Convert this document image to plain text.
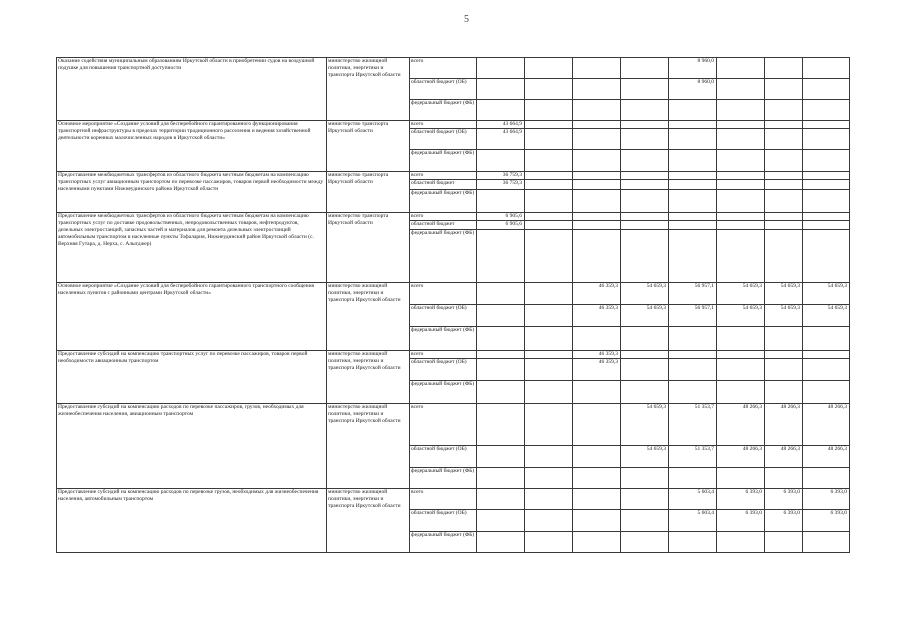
5
Оказание содействия муниципальным образованиям Иркутской области в приобретении судов на воздушной подушке для повышения транспортной доступности	министерство жилищной политики, энергетики и транспорта Иркутской области	всего					8 960,0			
		областной бюджет (ОБ)					8 960,0			
		федеральный бюджет (ФБ)								
Основное мероприятие «Создание условий для бесперебойного гарантированного функционирования транспортной инфраструктуры в пределах территории традиционного расселения и ведения хозяйственной деятельности коренных малочисленных народов в Иркутской области»	министерство транспорта Иркутской области	всего	43 664,9							
		областной бюджет (ОБ)	43 664,9							
		федеральный бюджет (ФБ)								
Предоставление межбюджетных трансфертов из областного бюджета местным бюджетам на компенсацию транспортных услуг авиационным транспортом по перевозке пассажиров, товаров первой необходимости между населенными пунктами Нижнеудинского района Иркутской области	министерство транспорта Иркутской области	всего	36 759,3							
		областной бюджет	36 759,3							
		федеральный бюджет (ФБ)								
Предоставление межбюджетных трансфертов из областного бюджета местным бюджетам на компенсацию транспортных услуг по доставке продовольственных, непродовольственных товаров, нефтепродуктов, дизельных электростанций, запасных частей и материалов для ремонта дизельных электростанций автомобильным транспортом в населенные пункты Тофалария, Нижнеудинский район Иркутской области (с. Верхняя Гутара, д. Нерха, с. Алыгджер)	министерство транспорта Иркутской области	всего	6 905,6							
		областной бюджет	6 905,6							
		федеральный бюджет (ФБ)								
Основное мероприятие «Создание условий для бесперебойного гарантированного транспортного сообщения населенных пунктов с районными центрами Иркутской области»	министерство жилищной политики, энергетики и транспорта Иркутской области	всего			46 359,3	54 659,3	56 957,1	54 659,3	54 659,3	54 659,3
		областной бюджет (ОБ)			46 359,3	54 659,3	56 957,1	54 659,3	54 659,3	54 659,3
		федеральный бюджет (ФБ)								
Предоставление субсидий на компенсацию транспортных услуг по перевозке пассажиров, товаров первой необходимости авиационным транспортом	министерство жилищной политики, энергетики и транспорта Иркутской области	всего			46 359,3					
		областной бюджет (ОБ)			46 359,3					
		федеральный бюджет (ФБ)								
Предоставление субсидий на компенсацию расходов по перевозке пассажиров, грузов, необходимых для жизнеобеспечения населения, авиационным транспортом	министерство жилищной политики, энергетики и транспорта Иркутской области	всего				54 659,3	51 353,7	48 266,3	48 266,3	48 266,3
		областной бюджет (ОБ)				54 659,3	51 353,7	48 266,3	48 266,3	48 266,3
		федеральный бюджет (ФБ)								
Предоставление субсидий на компенсацию расходов по перевозке грузов, необходимых для жизнеобеспечения населения, автомобильным транспортом	министерство жилищной политики, энергетики и транспорта Иркутской области	всего					5 603,4	6 393,0	6 393,0	6 393,0
		областной бюджет (ОБ)					5 603,4	6 393,0	6 393,0	6 393,0
		федеральный бюджет (ФБ)								
